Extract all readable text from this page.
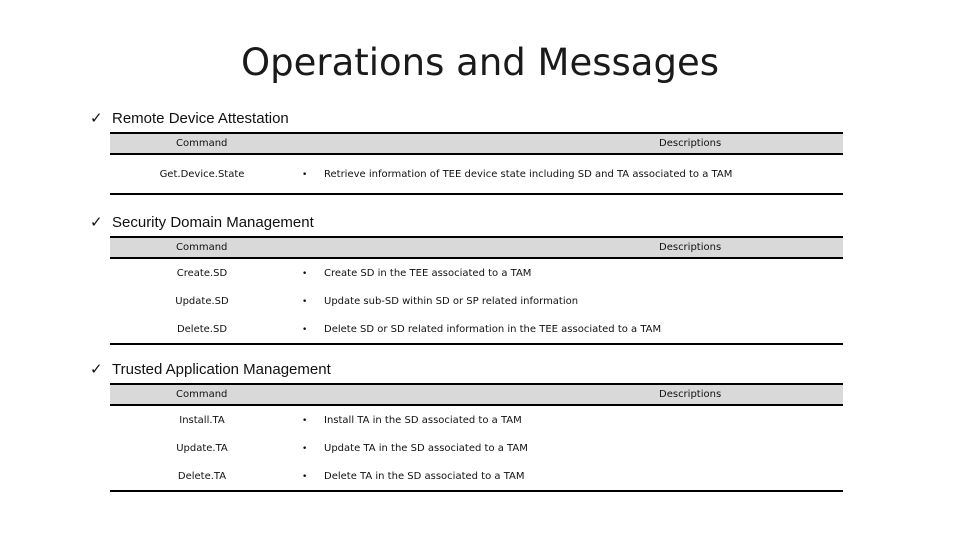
Operations and Messages
✓ Remote Device Attestation
Command	Descriptions
Get.Device.State	• Retrieve information of TEE device state including SD and TA associated to a TAM
✓ Security Domain Management
Command	Descriptions
Create.SD	• Create SD in the TEE associated to a TAM
Update.SD	• Update sub-SD within SD or SP related information
Delete.SD	• Delete SD or SD related information in the TEE associated to a TAM
✓ Trusted Application Management
Command	Descriptions
Install.TA	• Install TA in the SD associated to a TAM
Update.TA	• Update TA in the SD associated to a TAM
Delete.TA	• Delete TA in the SD associated to a TAM
